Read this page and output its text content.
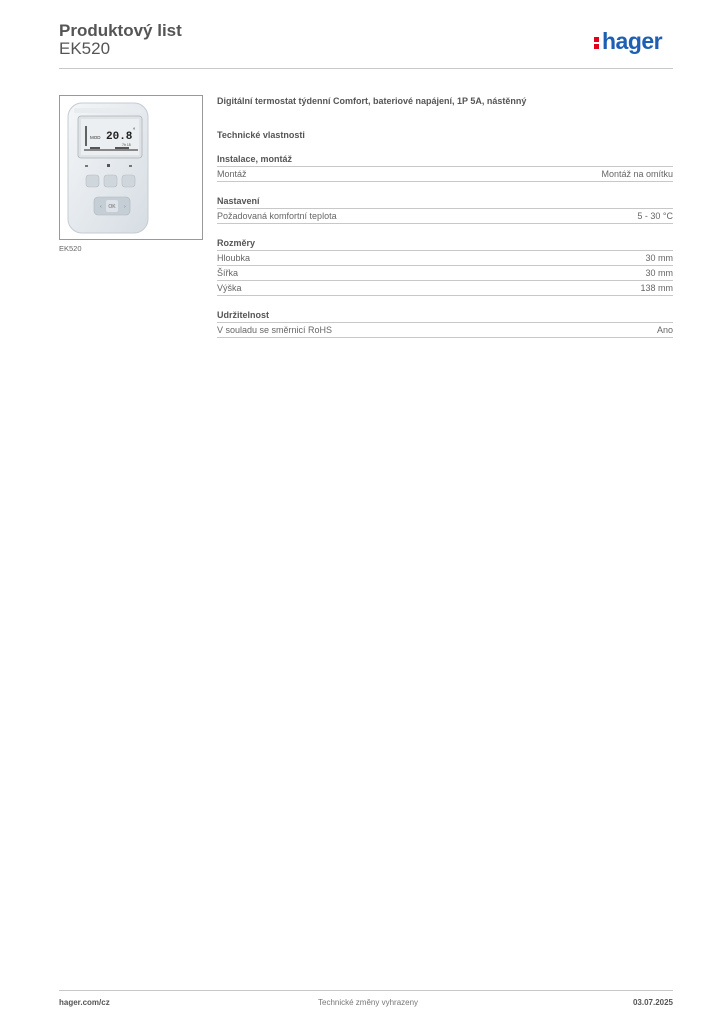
Produktový list
EK520	hager
MOD 20.8 °
7h 15
OK
‹	›
EK520

Digitální termostat týdenní Comfort, bateriové napájení, 1P 5A, nástěnný

Technické vlastnosti
Instalace, montáž
Montáž	Montáž na omítku
Nastavení
Požadovaná komfortní teplota	5 - 30 °C
Rozměry
Hloubka	30 mm
Šířka	30 mm
Výška	138 mm
Udržitelnost
V souladu se směrnicí RoHS	Ano
hager.com/cz	Technické změny vyhrazeny	03.07.2025
